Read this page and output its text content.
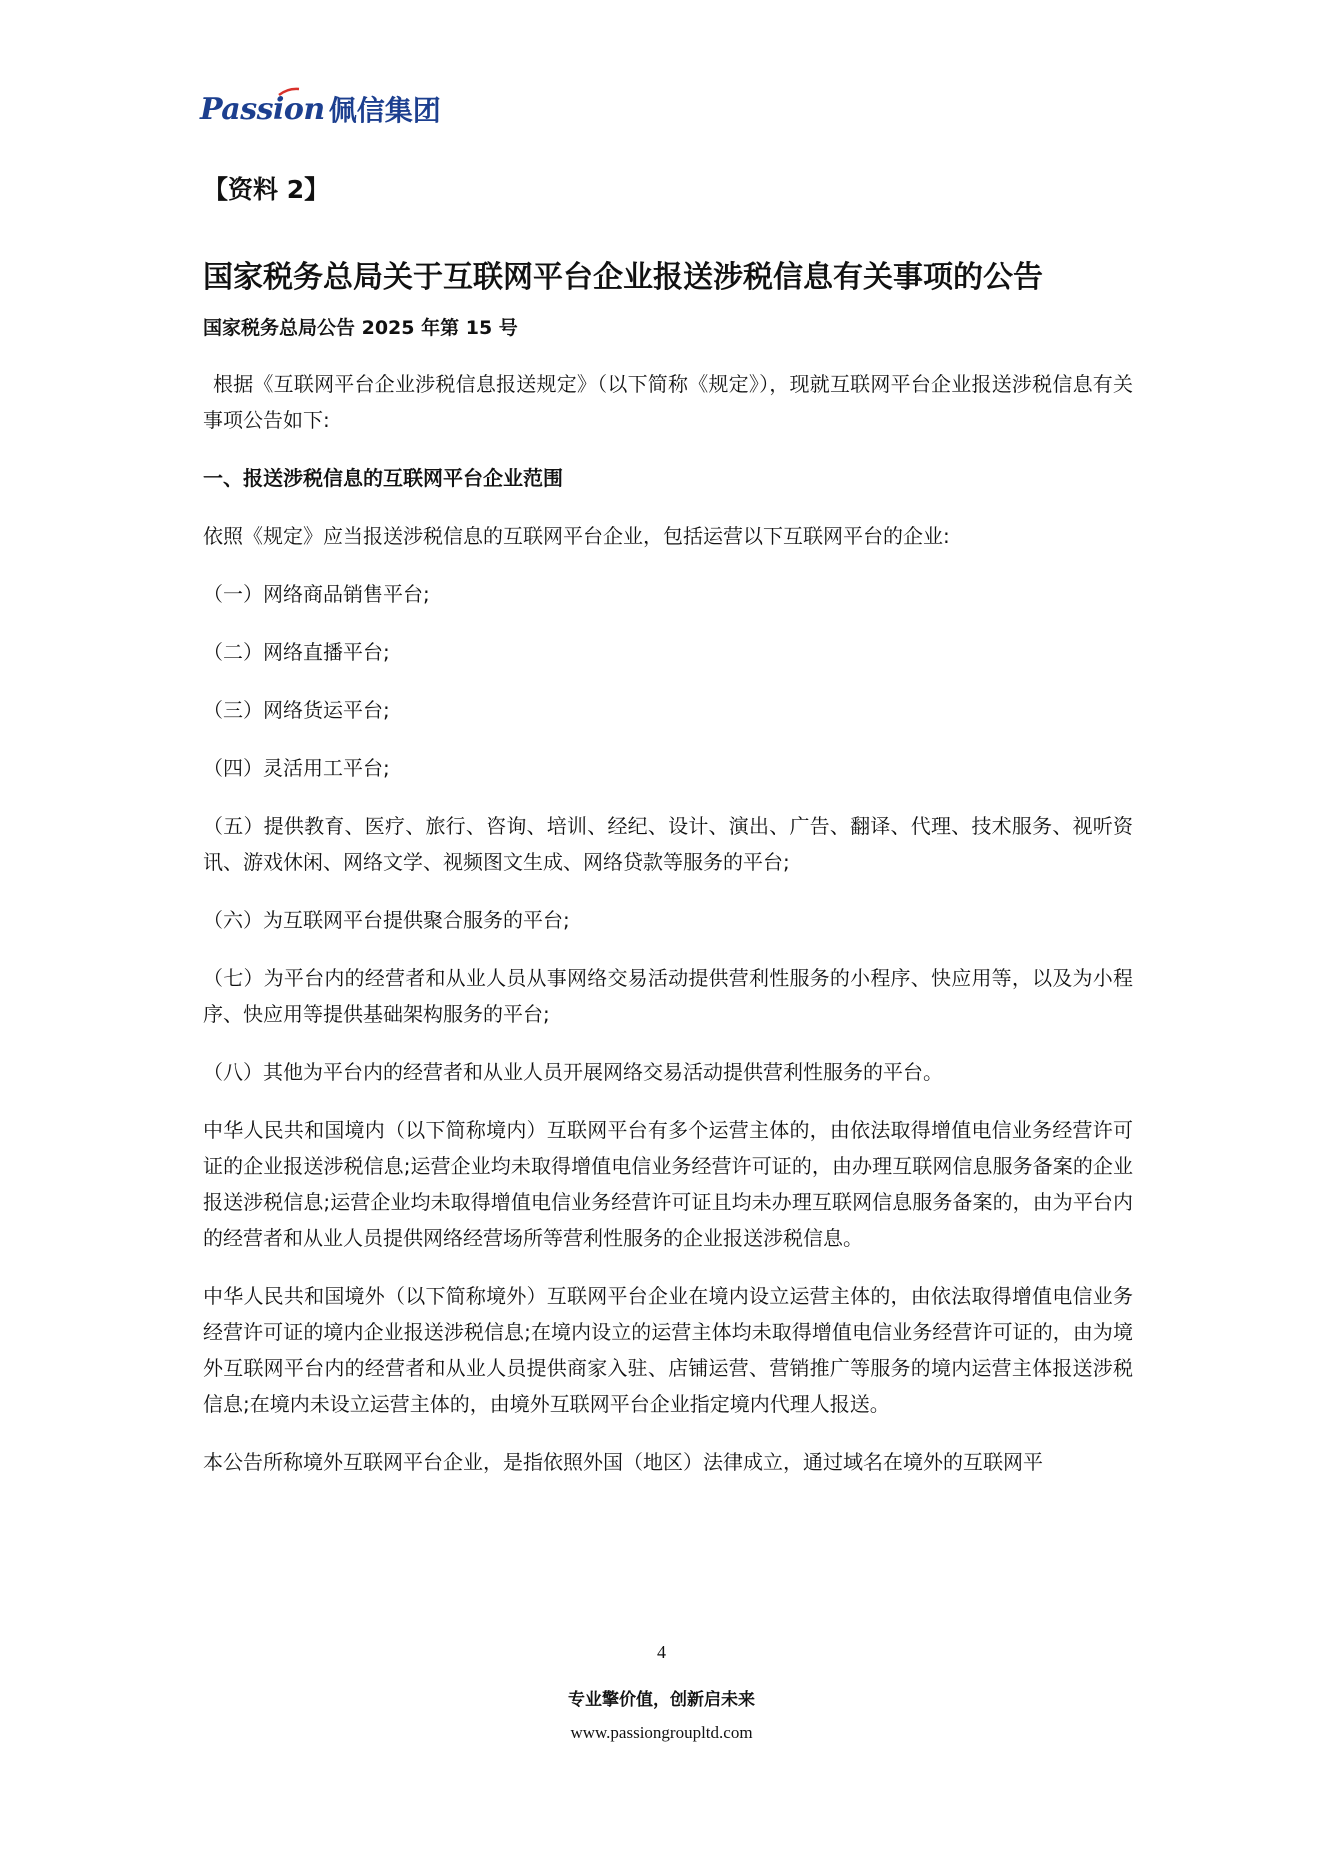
Passion 佩信集团
【资料 2】
国家税务总局关于互联网平台企业报送涉税信息有关事项的公告
国家税务总局公告 2025 年第 15 号
根据《互联网平台企业涉税信息报送规定》（以下简称《规定》），现就互联网平台企业报送涉税信息有关事项公告如下:
一、报送涉税信息的互联网平台企业范围
依照《规定》应当报送涉税信息的互联网平台企业，包括运营以下互联网平台的企业:
（一）网络商品销售平台;
（二）网络直播平台;
（三）网络货运平台;
（四）灵活用工平台;
（五）提供教育、医疗、旅行、咨询、培训、经纪、设计、演出、广告、翻译、代理、技术服务、视听资讯、游戏休闲、网络文学、视频图文生成、网络贷款等服务的平台;
（六）为互联网平台提供聚合服务的平台;
（七）为平台内的经营者和从业人员从事网络交易活动提供营利性服务的小程序、快应用等，以及为小程序、快应用等提供基础架构服务的平台;
（八）其他为平台内的经营者和从业人员开展网络交易活动提供营利性服务的平台。
中华人民共和国境内（以下简称境内）互联网平台有多个运营主体的，由依法取得增值电信业务经营许可证的企业报送涉税信息;运营企业均未取得增值电信业务经营许可证的，由办理互联网信息服务备案的企业报送涉税信息;运营企业均未取得增值电信业务经营许可证且均未办理互联网信息服务备案的，由为平台内的经营者和从业人员提供网络经营场所等营利性服务的企业报送涉税信息。
中华人民共和国境外（以下简称境外）互联网平台企业在境内设立运营主体的，由依法取得增值电信业务经营许可证的境内企业报送涉税信息;在境内设立的运营主体均未取得增值电信业务经营许可证的，由为境外互联网平台内的经营者和从业人员提供商家入驻、店铺运营、营销推广等服务的境内运营主体报送涉税信息;在境内未设立运营主体的，由境外互联网平台企业指定境内代理人报送。
本公告所称境外互联网平台企业，是指依照外国（地区）法律成立，通过域名在境外的互联网平
4
专业擎价值，创新启未来
www.passiongroupltd.com
